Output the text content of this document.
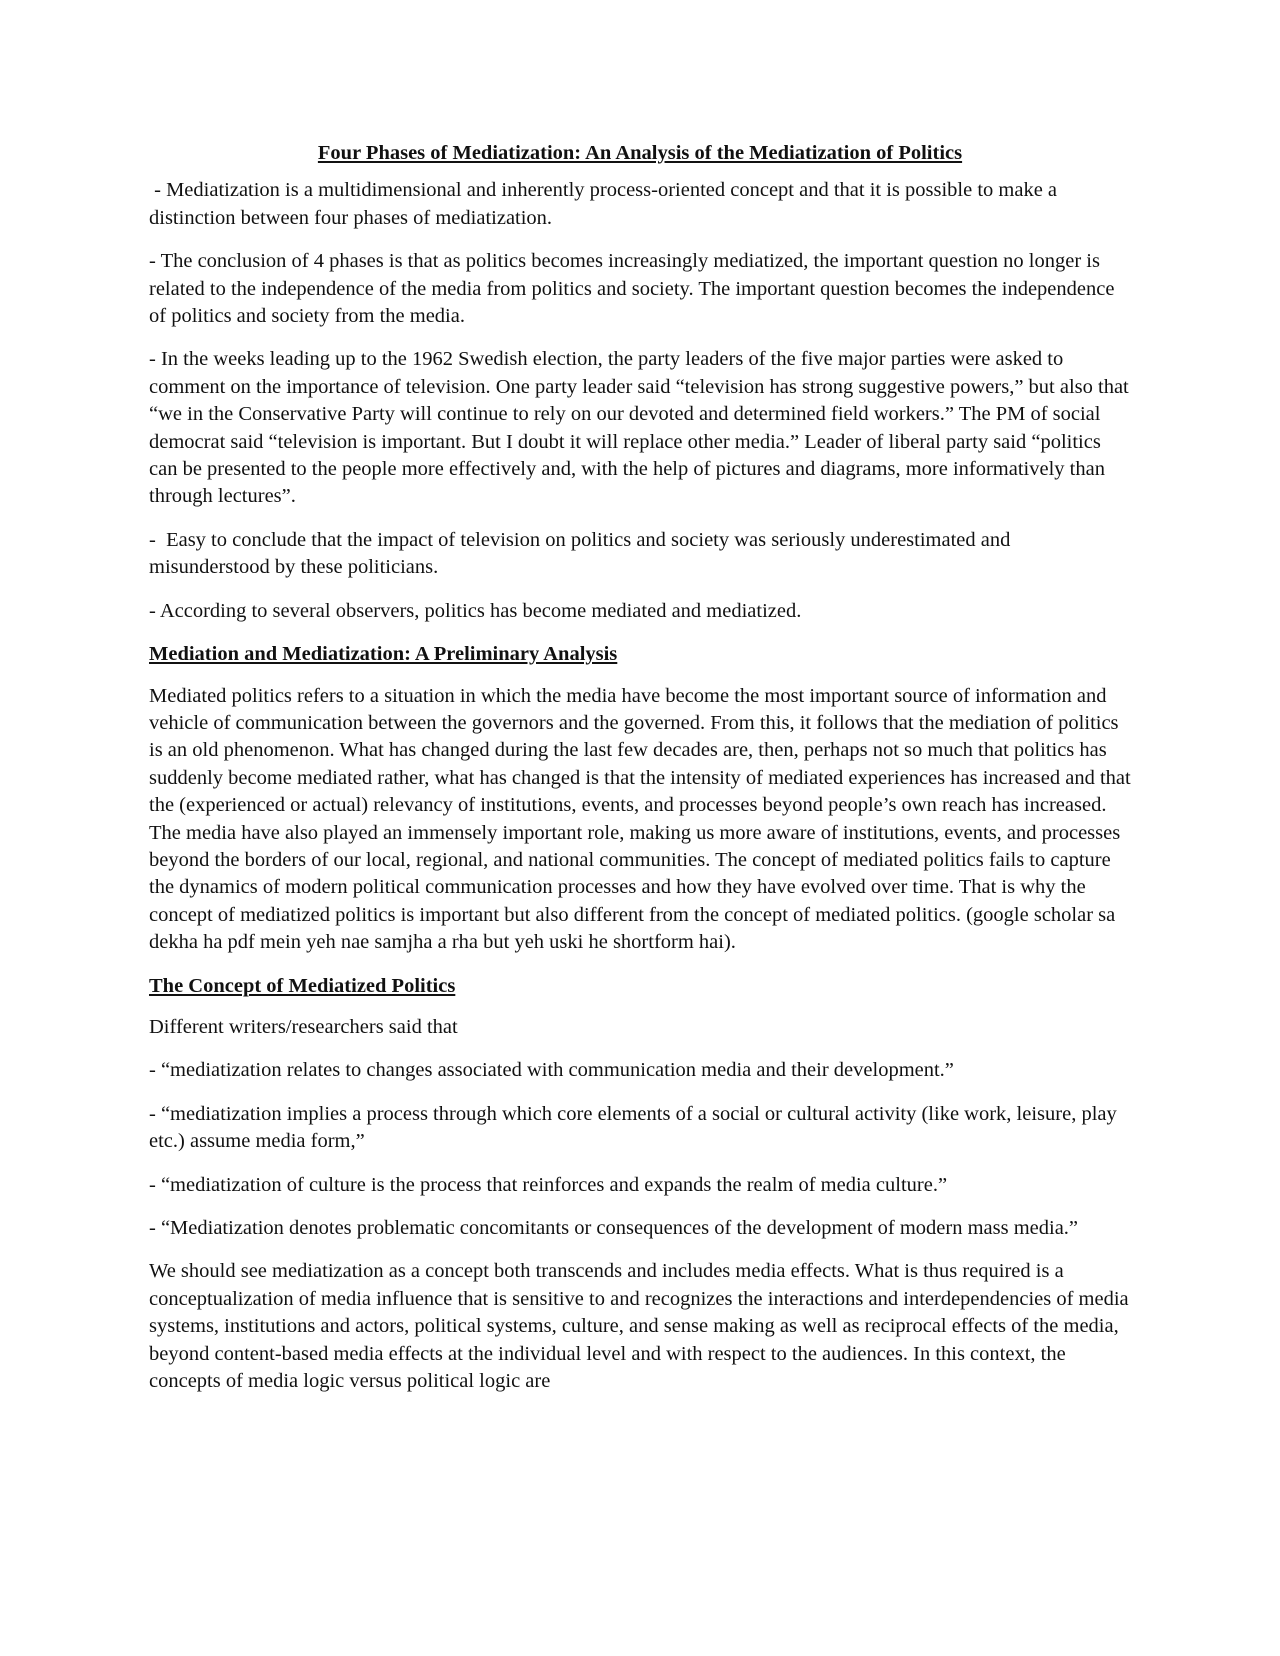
Four Phases of Mediatization: An Analysis of the Mediatization of Politics

- Mediatization is a multidimensional and inherently process-oriented concept and that it is possible to make a distinction between four phases of mediatization.

- The conclusion of 4 phases is that as politics becomes increasingly mediatized, the important question no longer is related to the independence of the media from politics and society. The important question becomes the independence of politics and society from the media.

- In the weeks leading up to the 1962 Swedish election, the party leaders of the five major parties were asked to comment on the importance of television. One party leader said “television has strong suggestive powers,” but also that “we in the Conservative Party will continue to rely on our devoted and determined field workers.” The PM of social democrat said “television is important. But I doubt it will replace other media.” Leader of liberal party said “politics can be presented to the people more effectively and, with the help of pictures and diagrams, more informatively than through lectures”.

-  Easy to conclude that the impact of television on politics and society was seriously underestimated and misunderstood by these politicians.

- According to several observers, politics has become mediated and mediatized.

Mediation and Mediatization: A Preliminary Analysis

Mediated politics refers to a situation in which the media have become the most important source of information and vehicle of communication between the governors and the governed. From this, it follows that the mediation of politics is an old phenomenon. What has changed during the last few decades are, then, perhaps not so much that politics has suddenly become mediated rather, what has changed is that the intensity of mediated experiences has increased and that the (experienced or actual) relevancy of institutions, events, and processes beyond people’s own reach has increased. The media have also played an immensely important role, making us more aware of institutions, events, and processes beyond the borders of our local, regional, and national communities. The concept of mediated politics fails to capture the dynamics of modern political communication processes and how they have evolved over time. That is why the concept of mediatized politics is important but also different from the concept of mediated politics. (google scholar sa dekha ha pdf mein yeh nae samjha a rha but yeh uski he shortform hai).

The Concept of Mediatized Politics

Different writers/researchers said that

- “mediatization relates to changes associated with communication media and their development.”

- “mediatization implies a process through which core elements of a social or cultural activity (like work, leisure, play etc.) assume media form,”

- “mediatization of culture is the process that reinforces and expands the realm of media culture.”

- “Mediatization denotes problematic concomitants or consequences of the development of modern mass media.”

We should see mediatization as a concept both transcends and includes media effects. What is thus required is a conceptualization of media influence that is sensitive to and recognizes the interactions and interdependencies of media systems, institutions and actors, political systems, culture, and sense making as well as reciprocal effects of the media, beyond content-based media effects at the individual level and with respect to the audiences. In this context, the concepts of media logic versus political logic are
